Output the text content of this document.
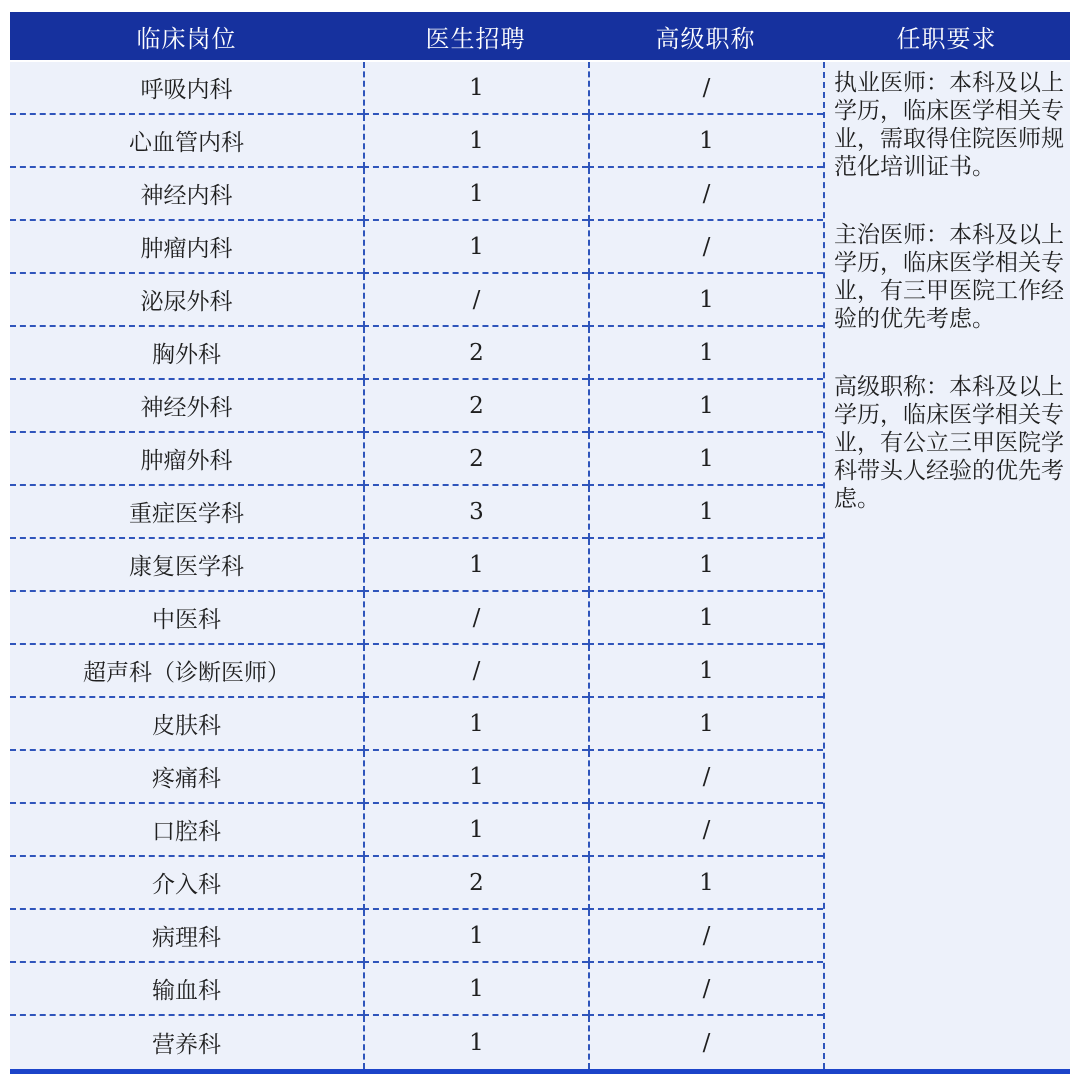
临床岗位	医生招聘	高级职称	任职要求

执业医师：本科及以上学历，临床医学相关专业，需取得住院医师规范化培训证书。

主治医师：本科及以上学历，临床医学相关专业，有三甲医院工作经验的优先考虑。

高级职称：本科及以上学历，临床医学相关专业，有公立三甲医院学科带头人经验的优先考虑。

呼吸内科	1	/
心血管内科	1	1
神经内科	1	/
肿瘤内科	1	/
泌尿外科	/	1
胸外科	2	1
神经外科	2	1
肿瘤外科	2	1
重症医学科	3	1
康复医学科	1	1
中医科	/	1
超声科（诊断医师）	/	1
皮肤科	1	1
疼痛科	1	/
口腔科	1	/
介入科	2	1
病理科	1	/
输血科	1	/
营养科	1	/
